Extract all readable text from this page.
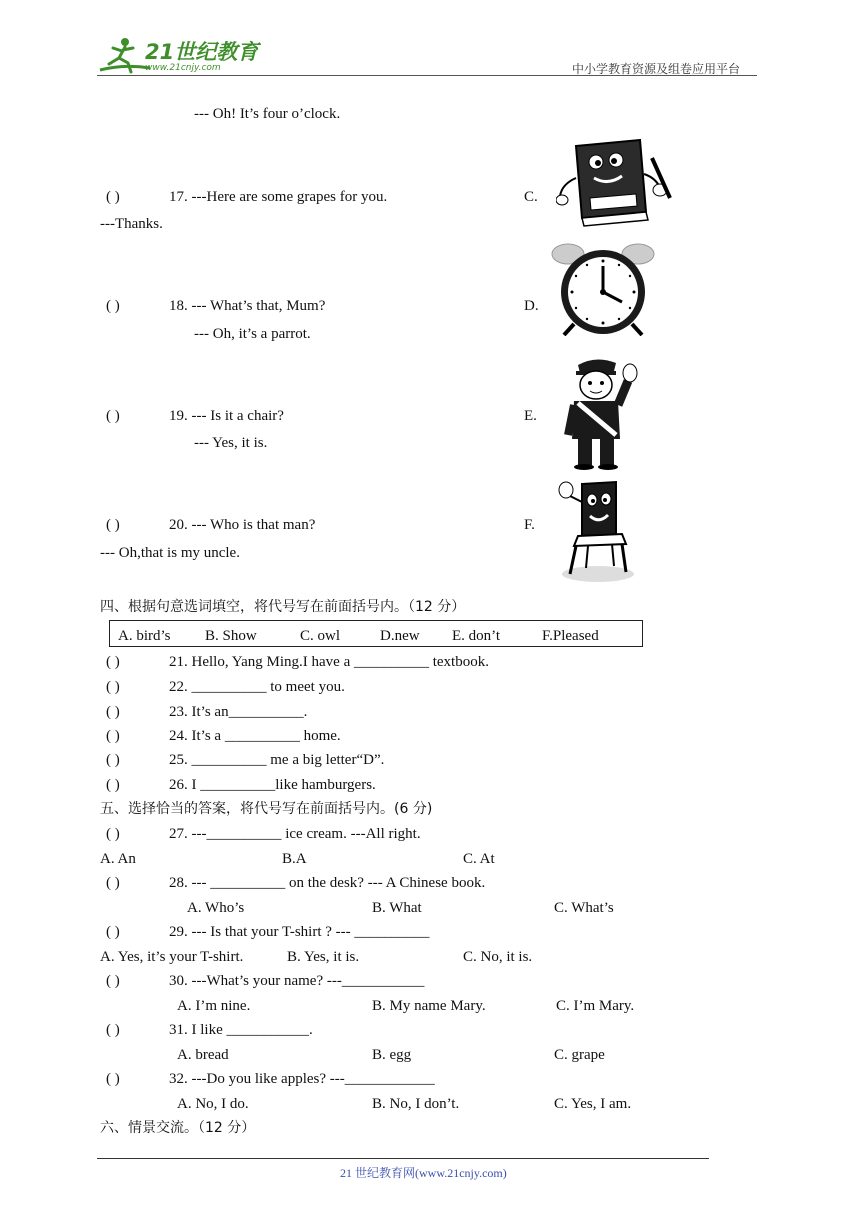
21世纪教育
www.21cnjy.com	中小学教育资源及组卷应用平台
--- Oh! It’s four o’clock.
( )	17. ---Here are some grapes for you.
---Thanks.
C.
( )	18. --- What’s that, Mum?
--- Oh, it’s a parrot.
D.
( )	19. --- Is it a chair?
--- Yes, it is.
E.
( )	20. --- Who is that man?
--- Oh,that is my uncle.
F.
四、根据句意选词填空，将代号写在前面括号内。（12 分）
A. bird’s B. Show	C. owl	D.new E. don’t	F.Pleased
( )	21. Hello, Yang Ming.I have a __________ textbook.
( )	22. __________ to meet you.
( )	23. It’s an__________.
( )	24. It’s a __________ home.
( )	25. __________ me a big letter“D”.
( )	26. I __________like hamburgers.
五、选择恰当的答案，将代号写在前面括号内。(6 分)
( )	27. ---__________ ice cream. ---All right.
A. An	B.A	C. At
( )	28. --- __________ on the desk? --- A Chinese book.
A. Who’s	B. What	C. What’s
( )	29. --- Is that your T-shirt ? --- __________
A. Yes, it’s your T-shirt.	B. Yes, it is.	C. No, it is.
( )	30. ---What’s your name? ---___________
A. I’m nine.	B. My name Mary.	C. I’m Mary.
( )	31. I like ___________.
A. bread	B. egg	C. grape
( )	32. ---Do you like apples? ---____________
A. No, I do.	B. No, I don’t.	C. Yes, I am.
六、情景交流。（12 分）
21 世纪教育网(www.21cnjy.com)
